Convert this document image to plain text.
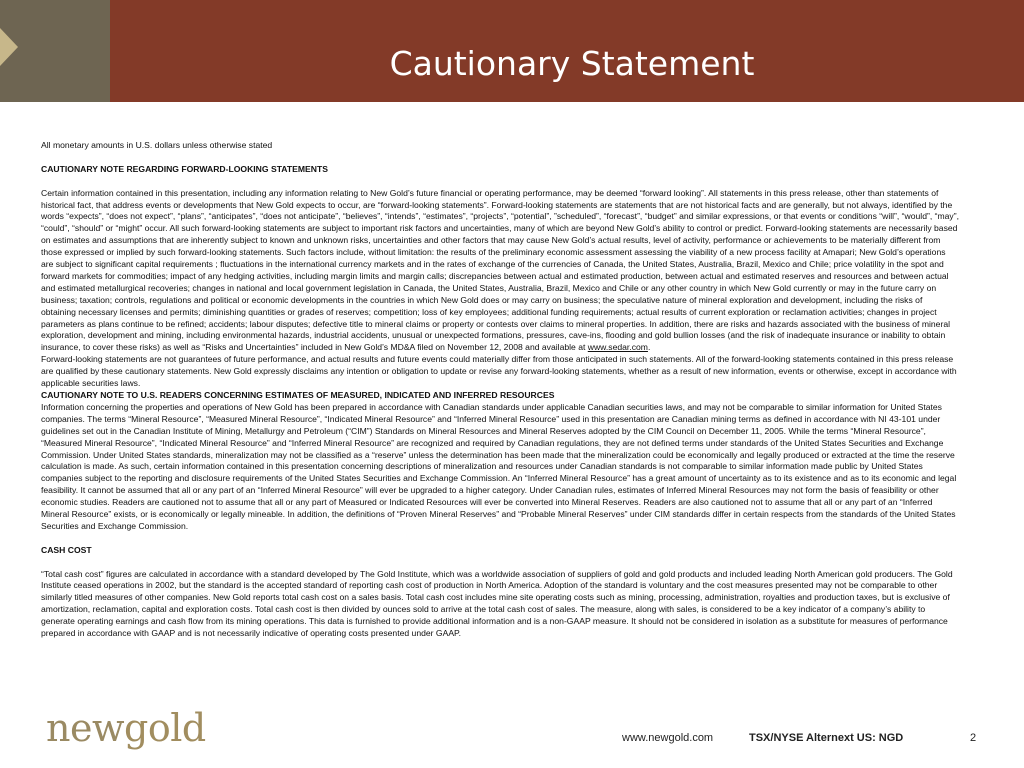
Cautionary Statement

All monetary amounts in U.S. dollars unless otherwise stated

CAUTIONARY NOTE REGARDING FORWARD-LOOKING STATEMENTS

Certain information contained in this presentation, including any information relating to New Gold’s future financial or operating performance, may be deemed “forward looking”. All statements in this press release, other than statements of historical fact, that address events or developments that New Gold expects to occur, are “forward-looking statements”. Forward-looking statements are statements that are not historical facts and are generally, but not always, identified by the words “expects”, “does not expect”, “plans”, “anticipates”, “does not anticipate”, “believes”, “intends”, “estimates”, “projects”, “potential”, ”scheduled”, “forecast”, “budget” and similar expressions, or that events or conditions “will”, “would”, “may”, “could”, “should” or “might” occur. All such forward-looking statements are subject to important risk factors and uncertainties, many of which are beyond New Gold’s ability to control or predict. Forward-looking statements are necessarily based on estimates and assumptions that are inherently subject to known and unknown risks, uncertainties and other factors that may cause New Gold’s actual results, level of activity, performance or achievements to be materially different from those expressed or implied by such forward-looking statements. Such factors include, without limitation: the results of the preliminary economic assessment assessing the viability of a new process facility at Amapari; New Gold’s operations are subject to significant capital requirements ; fluctuations in the international currency markets and in the rates of exchange of the currencies of Canada, the United States, Australia, Brazil, Mexico and Chile; price volatility in the spot and forward markets for commodities; impact of any hedging activities, including margin limits and margin calls; discrepancies between actual and estimated production, between actual and estimated reserves and resources and between actual and estimated metallurgical recoveries; changes in national and local government legislation in Canada, the United States, Australia, Brazil, Mexico and Chile or any other country in which New Gold currently or may in the future carry on business; taxation; controls, regulations and political or economic developments in the countries in which New Gold does or may carry on business; the speculative nature of mineral exploration and development, including the risks of obtaining necessary licenses and permits; diminishing quantities or grades of reserves; competition; loss of key employees; additional funding requirements; actual results of current exploration or reclamation activities; changes in project parameters as plans continue to be refined; accidents; labour disputes; defective title to mineral claims or property or contests over claims to mineral properties. In addition, there are risks and hazards associated with the business of mineral exploration, development and mining, including environmental hazards, industrial accidents, unusual or unexpected formations, pressures, cave-ins, flooding and gold bullion losses (and the risk of inadequate insurance or inability to obtain insurance, to cover these risks) as well as “Risks and Uncertainties” included in New Gold’s MD&A filed on November 12, 2008 and available at www.sedar.com.

Forward-looking statements are not guarantees of future performance, and actual results and future events could materially differ from those anticipated in such statements. All of the forward-looking statements contained in this press release are qualified by these cautionary statements. New Gold expressly disclaims any intention or obligation to update or revise any forward-looking statements, whether as a result of new information, events or otherwise, except in accordance with applicable securities laws.

CAUTIONARY NOTE TO U.S. READERS CONCERNING ESTIMATES OF MEASURED, INDICATED AND INFERRED RESOURCES

Information concerning the properties and operations of New Gold has been prepared in accordance with Canadian standards under applicable Canadian securities laws, and may not be comparable to similar information for United States companies. The terms “Mineral Resource”, “Measured Mineral Resource”, “Indicated Mineral Resource” and “Inferred Mineral Resource” used in this presentation are Canadian mining terms as defined in accordance with NI 43-101 under guidelines set out in the Canadian Institute of Mining, Metallurgy and Petroleum (“CIM”) Standards on Mineral Resources and Mineral Reserves adopted by the CIM Council on December 11, 2005. While the terms “Mineral Resource”, “Measured Mineral Resource”, “Indicated Mineral Resource” and “Inferred Mineral Resource” are recognized and required by Canadian regulations, they are not defined terms under standards of the United States Securities and Exchange Commission. Under United States standards, mineralization may not be classified as a “reserve” unless the determination has been made that the mineralization could be economically and legally produced or extracted at the time the reserve calculation is made. As such, certain information contained in this presentation concerning descriptions of mineralization and resources under Canadian standards is not comparable to similar information made public by United States companies subject to the reporting and disclosure requirements of the United States Securities and Exchange Commission. An “Inferred Mineral Resource” has a great amount of uncertainty as to its existence and as to its economic and legal feasibility. It cannot be assumed that all or any part of an “Inferred Mineral Resource” will ever be upgraded to a higher category. Under Canadian rules, estimates of Inferred Mineral Resources may not form the basis of feasibility or other economic studies. Readers are cautioned not to assume that all or any part of Measured or Indicated Resources will ever be converted into Mineral Reserves. Readers are also cautioned not to assume that all or any part of an “Inferred Mineral Resource” exists, or is economically or legally mineable. In addition, the definitions of “Proven Mineral Reserves” and “Probable Mineral Reserves” under CIM standards differ in certain respects from the standards of the United States Securities and Exchange Commission.

CASH COST

“Total cash cost” figures are calculated in accordance with a standard developed by The Gold Institute, which was a worldwide association of suppliers of gold and gold products and included leading North American gold producers. The Gold Institute ceased operations in 2002, but the standard is the accepted standard of reporting cash cost of production in North America. Adoption of the standard is voluntary and the cost measures presented may not be comparable to other similarly titled measures of other companies. New Gold reports total cash cost on a sales basis. Total cash cost includes mine site operating costs such as mining, processing, administration, royalties and production taxes, but is exclusive of amortization, reclamation, capital and exploration costs. Total cash cost is then divided by ounces sold to arrive at the total cash cost of sales. The measure, along with sales, is considered to be a key indicator of a company’s ability to generate operating earnings and cash flow from its mining operations. This data is furnished to provide additional information and is a non-GAAP measure. It should not be considered in isolation as a substitute for measures of performance prepared in accordance with GAAP and is not necessarily indicative of operating costs presented under GAAP.

newgold	www.newgold.com	TSX/NYSE Alternext US: NGD	2
